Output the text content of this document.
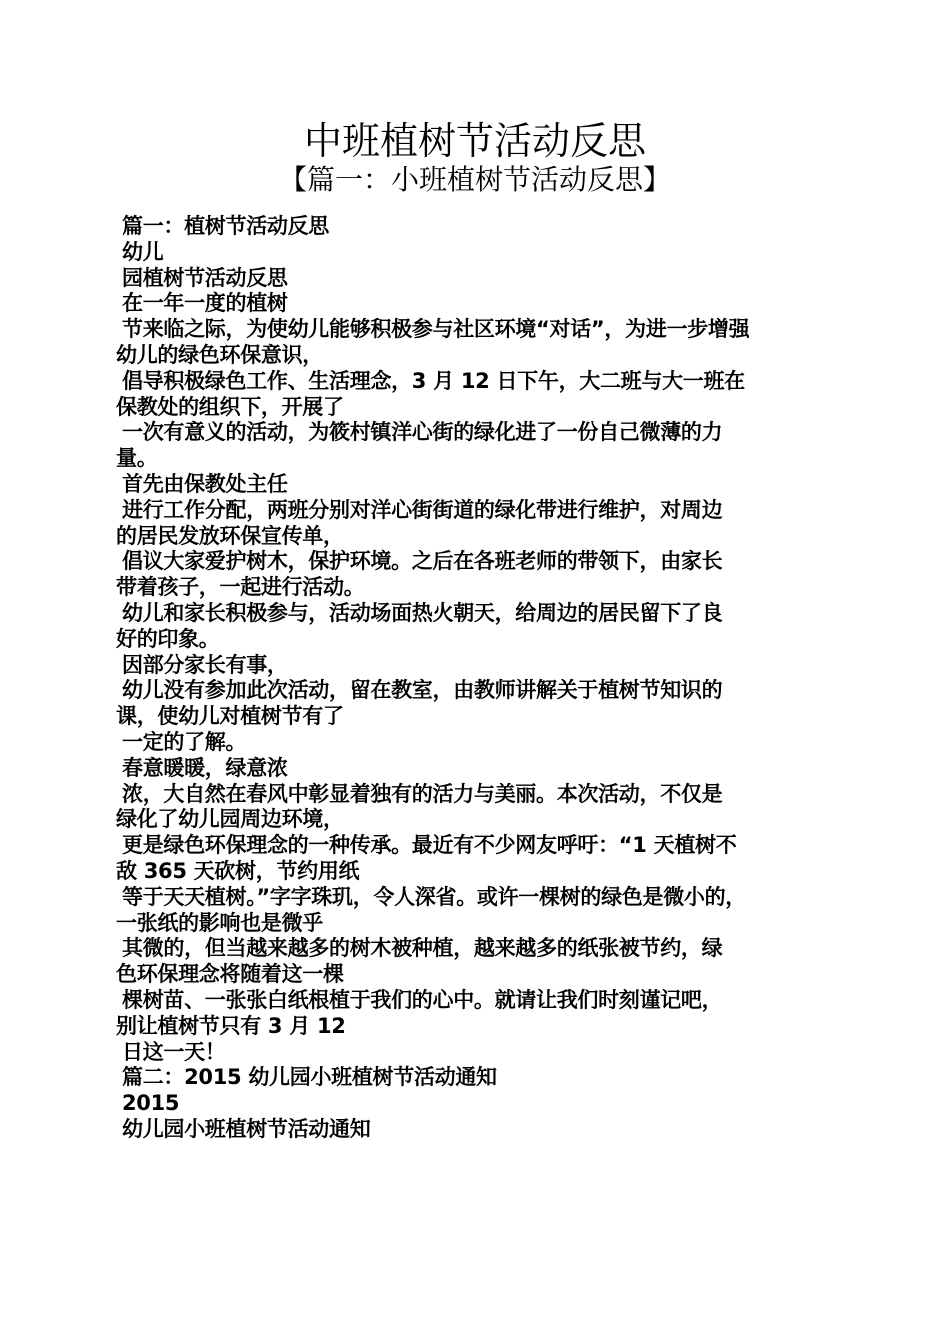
中班植树节活动反思
【篇一：小班植树节活动反思】
篇一：植树节活动反思
幼儿
园植树节活动反思
在一年一度的植树
节来临之际，为使幼儿能够积极参与社区环境“对话”，为进一步增强
幼儿的绿色环保意识，
倡导积极绿色工作、生活理念，3 月 12 日下午，大二班与大一班在
保教处的组织下，开展了
一次有意义的活动，为筱村镇洋心街的绿化进了一份自己微薄的力
量。
首先由保教处主任
进行工作分配，两班分别对洋心街街道的绿化带进行维护，对周边
的居民发放环保宣传单，
倡议大家爱护树木，保护环境。之后在各班老师的带领下，由家长
带着孩子，一起进行活动。
幼儿和家长积极参与，活动场面热火朝天，给周边的居民留下了良
好的印象。
因部分家长有事，
幼儿没有参加此次活动，留在教室，由教师讲解关于植树节知识的
课，使幼儿对植树节有了
一定的了解。
春意暖暖，绿意浓
浓，大自然在春风中彰显着独有的活力与美丽。本次活动，不仅是
绿化了幼儿园周边环境，
更是绿色环保理念的一种传承。最近有不少网友呼吁：“1 天植树不
敌 365 天砍树，节约用纸
等于天天植树。”字字珠玑，令人深省。或许一棵树的绿色是微小的，
一张纸的影响也是微乎
其微的，但当越来越多的树木被种植，越来越多的纸张被节约，绿
色环保理念将随着这一棵
棵树苗、一张张白纸根植于我们的心中。就请让我们时刻谨记吧，
别让植树节只有 3 月 12
日这一天！
篇二：2015 幼儿园小班植树节活动通知
2015
幼儿园小班植树节活动通知
